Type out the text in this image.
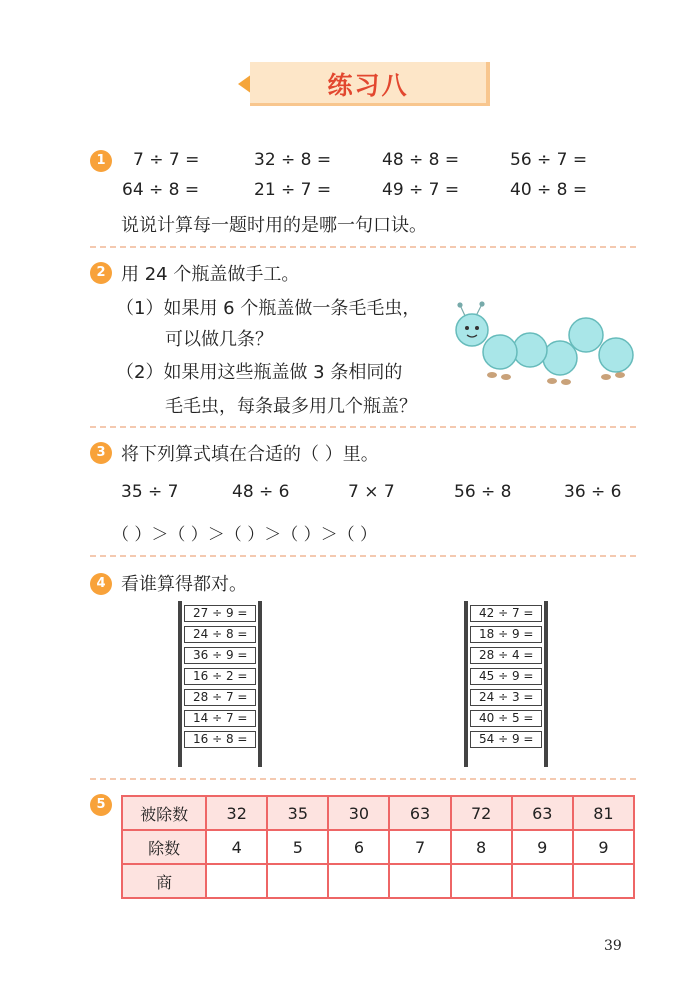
练习八
1	7 ÷ 7 =	32 ÷ 8 =	48 ÷ 8 =	56 ÷ 7 =
64 ÷ 8 =	21 ÷ 7 =	49 ÷ 7 =	40 ÷ 8 =
说说计算每一题时用的是哪一句口诀。
2 用 24 个瓶盖做手工。
（1）如果用 6 个瓶盖做一条毛毛虫，
可以做几条？
（2）如果用这些瓶盖做 3 条相同的
毛毛虫，每条最多用几个瓶盖？
3 将下列算式填在合适的（ ）里。
35 ÷ 7	48 ÷ 6	7 × 7	56 ÷ 8	36 ÷ 6
（ ）＞（ ）＞（ ）＞（ ）＞（ ）
4 看谁算得都对。
27 ÷ 9 =
24 ÷ 8 =
36 ÷ 9 =
16 ÷ 2 =
28 ÷ 7 =
14 ÷ 7 =
16 ÷ 8 =
42 ÷ 7 =
18 ÷ 9 =
28 ÷ 4 =
45 ÷ 9 =
24 ÷ 3 =
40 ÷ 5 =
54 ÷ 9 =
5	被除数	32	35	30	63	72	63	81
除数	4	5	6	7	8	9	9
商							
39
